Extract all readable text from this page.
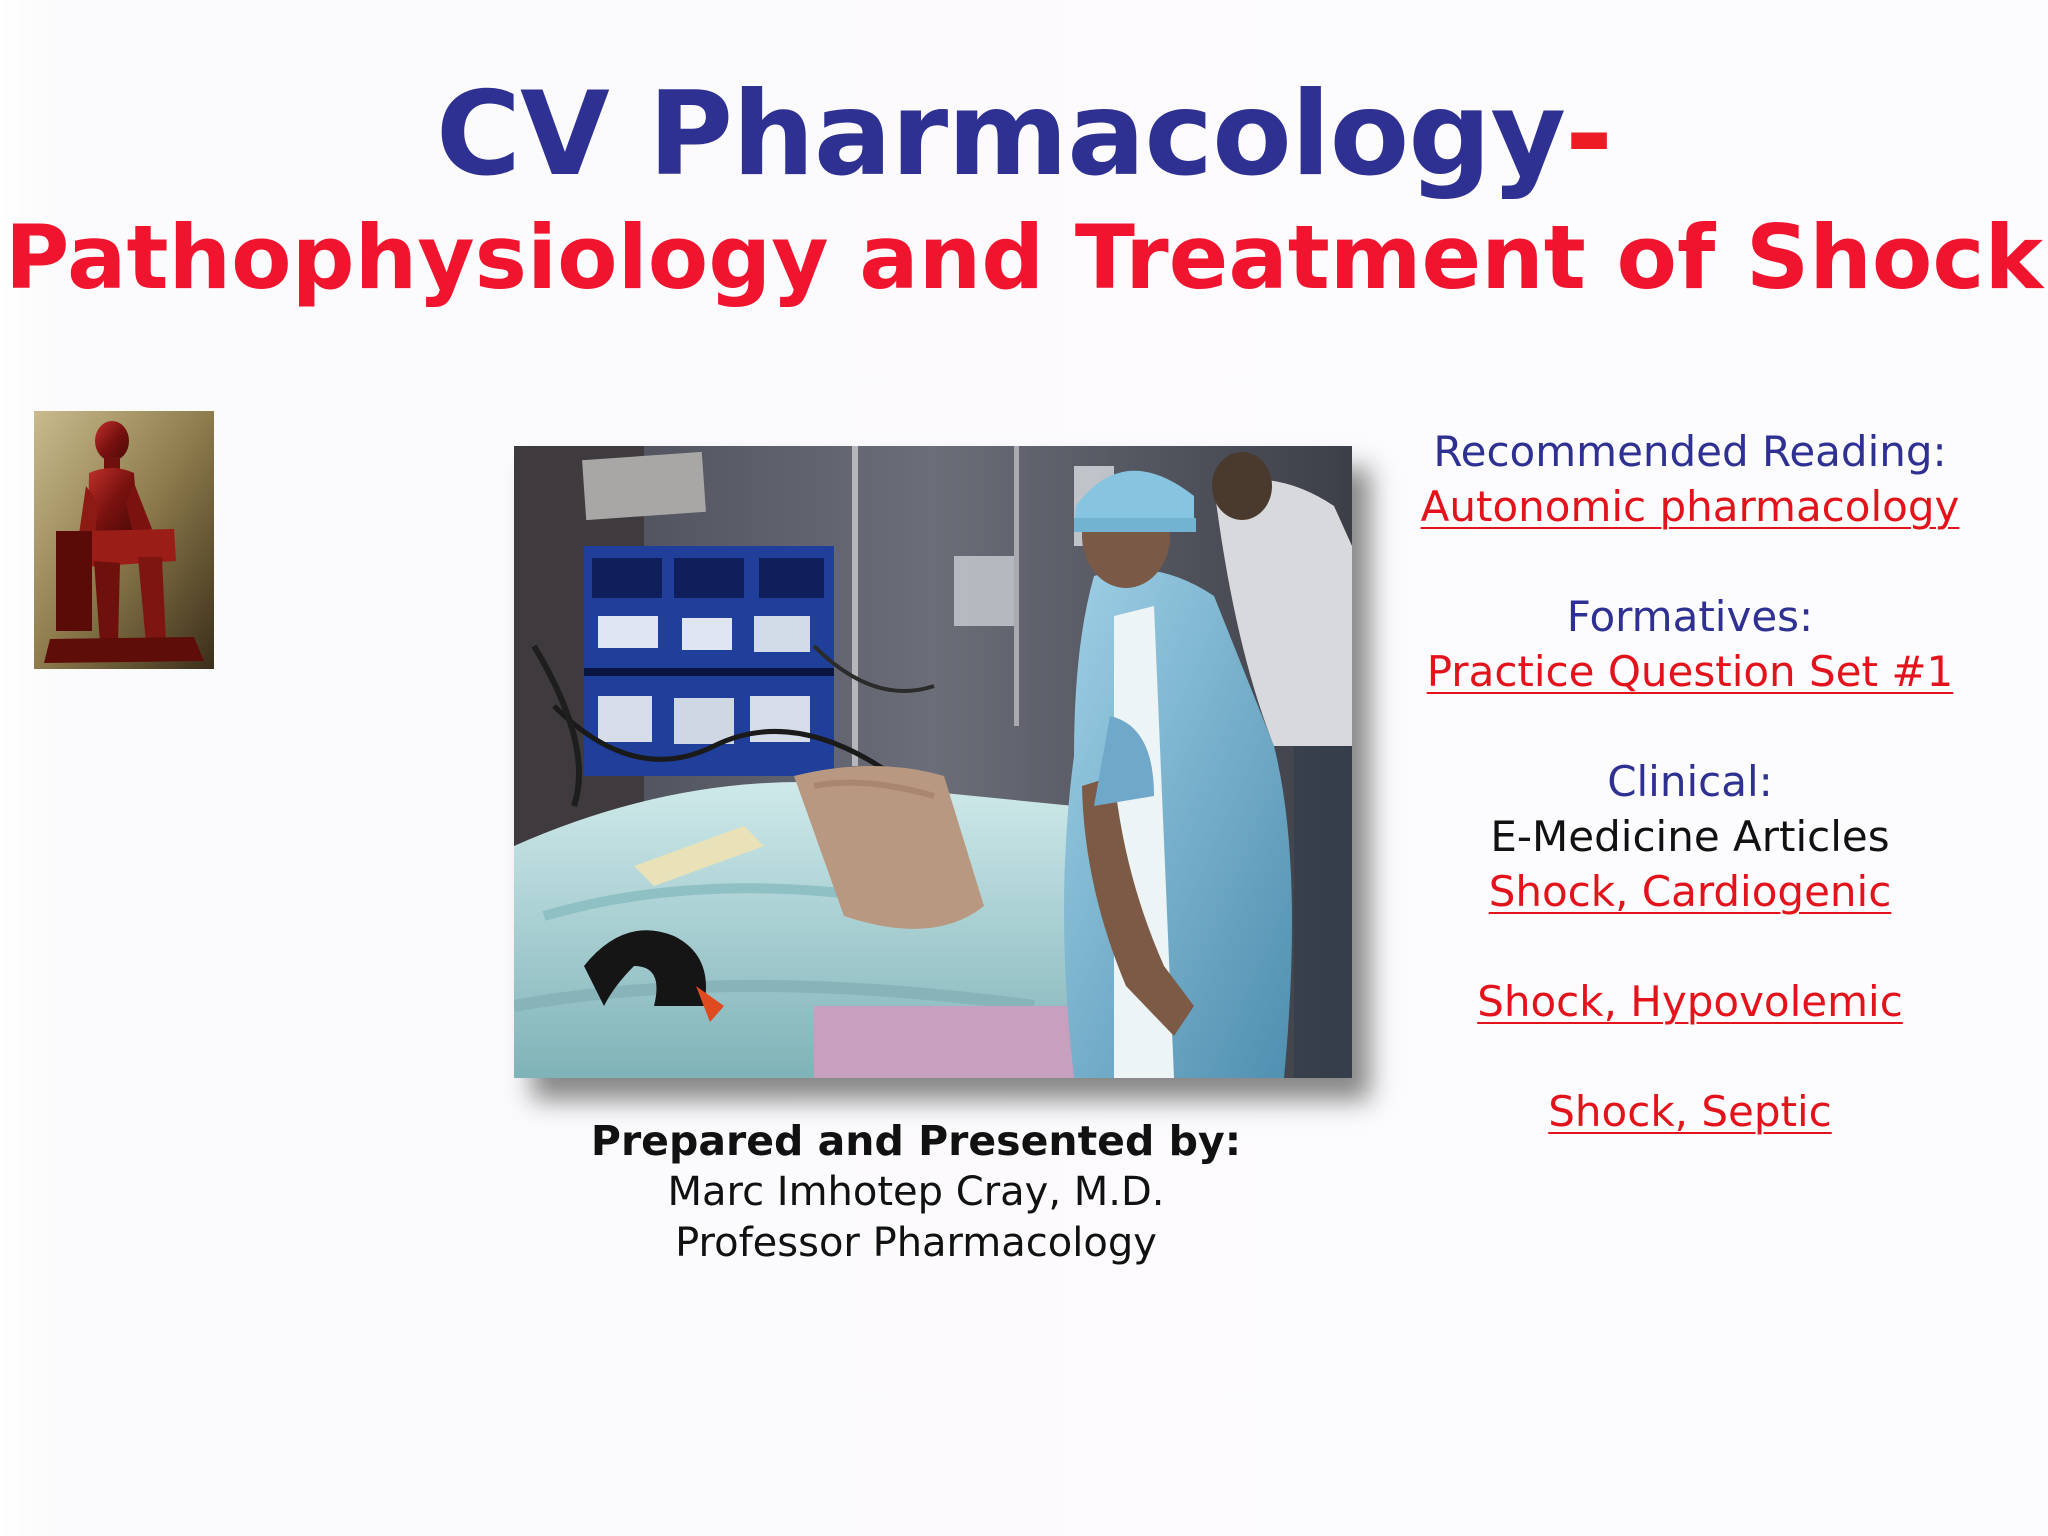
CV Pharmacology-
Pathophysiology and Treatment of Shock
Prepared and Presented by:
Marc Imhotep Cray, M.D.
Professor Pharmacology
Recommended Reading:
Autonomic pharmacology
Formatives:
Practice Question Set #1
Clinical:
E-Medicine Articles
Shock, Cardiogenic
Shock, Hypovolemic
Shock, Septic
